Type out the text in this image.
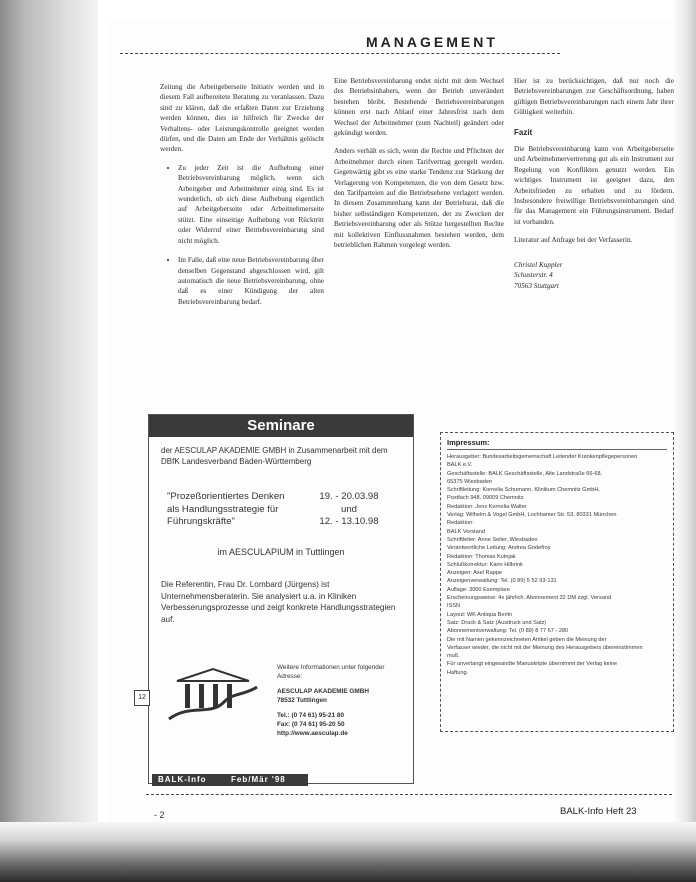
MANAGEMENT

Zeitung die Arbeitgeberseite Initiativ werden und in diesem Fall aufbereitete Beratung zu veranlassen. Dazu sind zu klären, daß die erfaßten Daten zur Erziehung werden können, dies ist hilfreich für Zwecke der Verhaltens- oder Leistungskontrolle geeignet werden dürfen, und die Daten am Ende der Verhältnis gelöscht werden.

• Zu jeder Zeit ist die Aufhebung einer Betriebsvereinbarung möglich, wenn sich Arbeitgeber und Arbeitnehmer einig sind. Es ist wunderlich, ob sich diese Aufhebung eigentlich auf Arbeitgeberseite oder Arbeitnehmerseite stützt. Eine einseitige Aufhebung von Rücktritt oder Widerruf einer Betriebsvereinbarung sind nicht möglich.
• Im Falle, daß eine neue Betriebsvereinbarung über denselben Gegenstand abgeschlossen wird, gilt automatisch die neue Betriebsvereinbarung, ohne daß es einer Kündigung der alten Betriebsvereinbarung bedarf.

Eine Betriebsvereinbarung endet nicht mit dem Wechsel des Betriebsinhabers, wenn der Betrieb unverändert bestehen bleibt. Bestehende Betriebsvereinbarungen können erst nach Ablauf einer Jahresfrist nach dem Wechsel der Arbeitnehmer (zum Nachteil) geändert oder gekündigt werden.

Anders verhält es sich, wenn die Rechte und Pflichten der Arbeitnehmer durch einen Tarifvertrag geregelt werden. Gegenwärtig gibt es eine starke Tendenz zur Stärkung der Verlagerung von Kompetenzen, die von dem Gesetz bzw. den Tarifparteien auf die Betriebsebene verlagert werden. In diesem Zusammenhang kann der Betriebsrat, daß die bisher selbständigen Kompetenzen, der zu Zwecken der Betriebsvereinbarung oder als Stütze hergestellten Rechte mit kollektiven Einflussnahmen bestehen werden, dem betrieblichen Rahmen vorgelegt werden.

Hier ist zu berücksichtigen, daß nur noch die Betriebsvereinbarungen zur Geschäftsordnung, haben gültigen Betriebsvereinbarungen nach einem Jahr ihrer Gültigkeit weiterhin.

Fazit

Die Betriebsvereinbarung kann von Arbeitgeberseite und Arbeitnehmervertretung gut als ein Instrument zur Regelung von Konflikten genutzt werden. Ein wichtiges Instrument ist geeignet dazu, den Arbeitsfrieden zu erhalten und zu fördern. Insbesondere freiwillige Betriebsvereinbarungen sind für das Management ein Führungsinstrument. Bedarf ist vorhanden.

Literatur auf Anfrage bei der Verfasserin.

Christel Kuppler
Schusterstr. 4
70563 Stuttgart
Seminare
der AESCULAP AKADEMIE GMBH in Zusammenarbeit mit dem DBfK Landesverband Baden-Württemberg
"Prozeßorientiertes Denken als Handlungsstrategie für Führungskräfte"
19. - 20.03.98
und
12. - 13.10.98
im AESCULAPIUM in Tuttlingen
Die Referentin, Frau Dr. Lombard (Jürgens) ist Unternehmensberaterin. Sie analysiert u.a. in Kliniken Verbesserungsprozesse und zeigt konkrete Handlungsstrategien auf.
Weitere Informationen unter folgender Adresse:
AESCULAP AKADEMIE GMBH
78532 Tuttlingen
Tel.: (0 74 61) 95-21 80
Fax: (0 74 61) 95-20 50
http://www.aesculap.de
Impressum:
Herausgeber: Bundesarbeitsgemeinschaft Leitender Krankenpflegepersonen
BALK e.V.
Geschäftsstelle: BALK Geschäftsstelle, Alte Landstraße 66-68,
65375 Wiesbaden
Schriftleitung: Kornelia Schumann, Klinikum Chemnitz GmbH,
Postfach 948, 09009 Chemnitz
Redaktion: Jens Kornelia Walter
Verlag: Wilhelm & Vogel GmbH, Lochhamer Str. 53, 80331 München
Redaktion:
BALK Vorstand
Schriftleiter: Anne Seiler, Wiesbaden
Verantwortliche Leitung: Andrea Godefroy
Redaktion: Thomas Kutnjak
Schlußkorrektur: Karin Hilbrink
Anzeigen: Axel Rappe
Anzeigenverwaltung: Tel. (0 89) 5 52 93-131
Auflage: 3000 Exemplare
Erscheinungsweise: 4x jährlich. Abonnement 32 DM zzgl. Versand
ISSN
Layout: WK Antiqua Berlin
Satz: Druck & Satz (Ausdruck und Satz)
Abonnementverwaltung: Tel. (0 89) 8 77 67 - 280
Die mit Namen gekennzeichneten Artikel geben die Meinung der
Verfasser wieder, die nicht mit der Meinung des Herausgebers übereinstimmen
muß.
Für unverlangt eingesandte Manuskripte übernimmt der Verlag keine
Haftung.
12
BALK-Info	Feb/Mär '98
- 2	BALK-Info Heft 23
